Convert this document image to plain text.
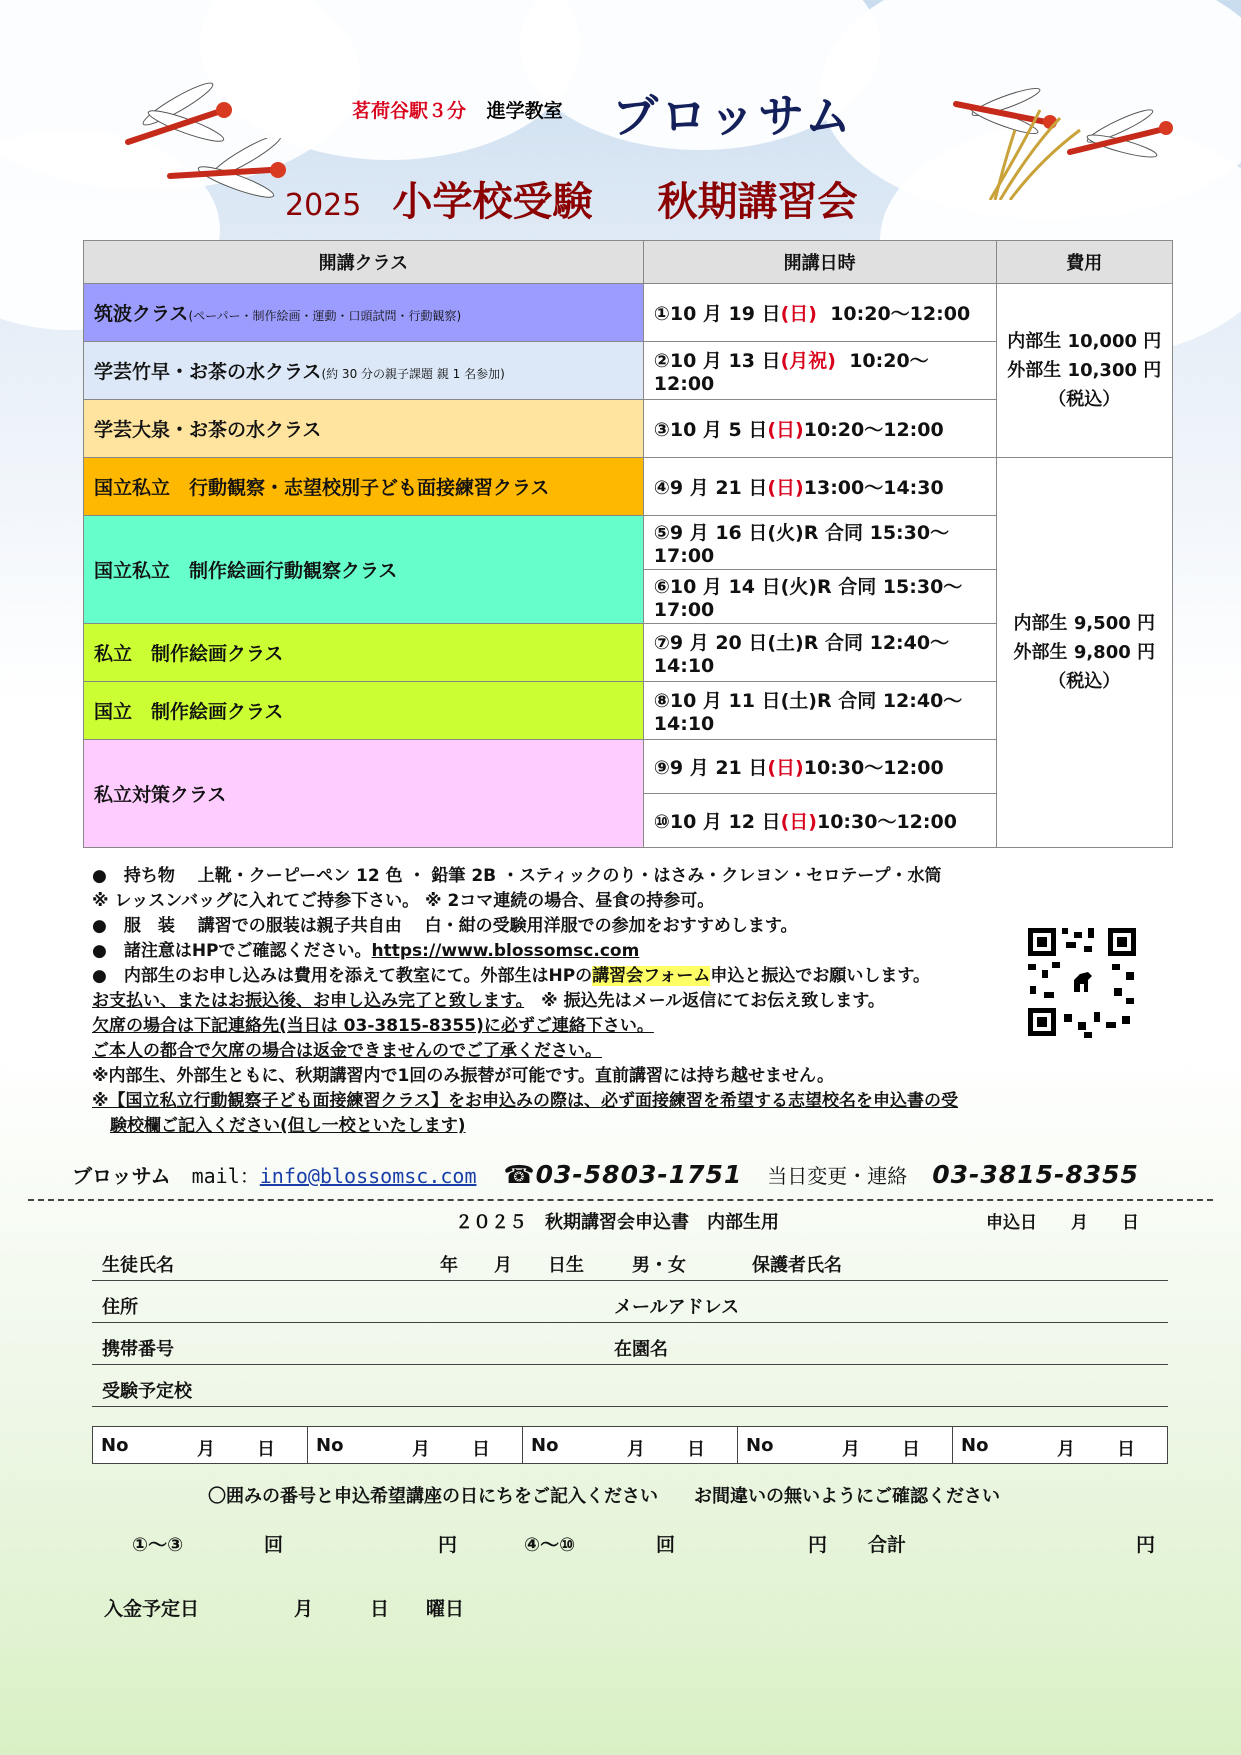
茗荷谷駅３分 進学教室 ブロッサム
2025 小学校受験 秋期講習会
開講クラス	開講日時	費用
筑波クラス(ペーパー・制作絵画・運動・口頭試問・行動観察)	①10 月 19 日(日) 10:20～12:00	内部生 10,000 円
外部生 10,300 円
（税込）

学芸竹早・お茶の水クラス(約 30 分の親子課題 親 1 名参加)	②10 月 13 日(月祝) 10:20～12:00	
学芸大泉・お茶の水クラス	③10 月 5 日(日)10:20～12:00	
国立私立　行動観察・志望校別子ども面接練習クラス	④9 月 21 日(日)13:00～14:30	内部生 9,500 円
外部生 9,800 円
（税込）

国立私立　制作絵画行動観察クラス	⑤9 月 16 日(火)R 合同 15:30～17:00	
	⑥10 月 14 日(火)R 合同 15:30～17:00	
私立　制作絵画クラス	⑦9 月 20 日(土)R 合同 12:40～14:10	
国立　制作絵画クラス	⑧10 月 11 日(土)R 合同 12:40～14:10	
私立対策クラス	⑨9 月 21 日(日)10:30～12:00	
	⑩10 月 12 日(日)10:30～12:00	
●　持ち物　 上靴・クーピーペン 12 色 ・ 鉛筆 2B ・スティックのり・はさみ・クレヨン・セロテープ・水筒
※ レッスンバッグに入れてご持参下さい。 ※ 2コマ連続の場合、昼食の持参可。
●　服　装　 講習での服装は親子共自由　 白・紺の受験用洋服での参加をおすすめします。
●　諸注意はHPでご確認ください。https://www.blossomsc.com
●　内部生のお申し込みは費用を添えて教室にて。外部生はHPの講習会フォーム申込と振込でお願いします。
お支払い、またはお振込後、お申し込み完了と致します。　※ 振込先はメール返信にてお伝え致します。
欠席の場合は下記連絡先(当日は 03-3815-8355)に必ずご連絡下さい。
ご本人の都合で欠席の場合は返金できませんのでご了承ください。
※内部生、外部生ともに、秋期講習内で1回のみ振替が可能です。直前講習には持ち越せません。
※【国立私立行動観察子ども面接練習クラス】をお申込みの際は、必ず面接練習を希望する志望校名を申込書の受
験校欄ご記入ください(但し一校といたします)
ブロッサム mail：info@blossomsc.com ☎03-5803-1751 当日変更・連絡 03-3815-8355
２０２５　秋期講習会申込書　内部生用	申込日　　月　　日
生徒氏名	年　　月　　日生	男・女	保護者氏名
住所	メールアドレス
携帯番号	在園名
受験予定校
No	月 日	No	月 日	No	月 日	No	月 日	No	月 日
〇囲みの番号と申込希望講座の日にちをご記入ください　　お間違いの無いようにご確認ください
①～③	回	円	④～⑩	回	円 合計	円
入金予定日	月	日 曜日
